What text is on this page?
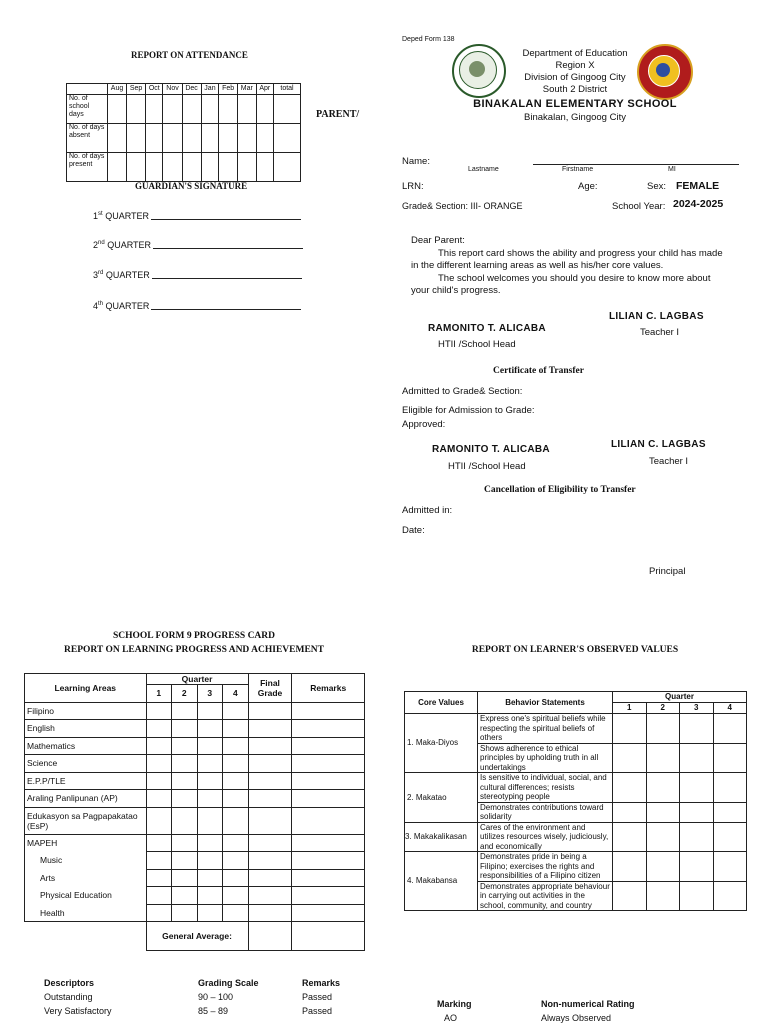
REPORT ON ATTENDANCE
	Aug	Sep	Oct	Nov	Dec	Jan	Feb	Mar	Apr	total
No. of school days										
No. of days absent										
No. of days present										
PARENT/
GUARDIAN'S SIGNATURE
1st QUARTER
2nd QUARTER
3rd QUARTER
4th QUARTER
Deped Form 138
Department of Education
Region X
Division of Gingoog City
South 2 District
BINAKALAN ELEMENTARY SCHOOL
Binakalan, Gingoog City
Name:
Lastname	Firstname	MI
LRN:	Age:	Sex: FEMALE
Grade& Section: III- ORANGE	School Year: 2024-2025
Dear Parent:
This report card shows the ability and progress your child has made
in the different learning areas as well as his/her core values.
The school welcomes you should you desire to know more about
your child's progress.
LILIAN C. LAGBAS
Teacher I
RAMONITO T. ALICABA
HTII /School Head
Certificate of Transfer
Admitted to Grade& Section:
Eligible for Admission to Grade:
Approved:
RAMONITO T. ALICABA
HTII /School Head
LILIAN C. LAGBAS
Teacher I
Cancellation of Eligibility to Transfer
Admitted in:
Date:
Principal
SCHOOL FORM 9 PROGRESS CARD
REPORT ON LEARNING PROGRESS AND ACHIEVEMENT
Learning Areas	Quarter				Final Grade	Remarks
	1	2	3	4		
Filipino						
English						
Mathematics						
Science						
E.P.P/TLE						
Araling Panlipunan (AP)						
Edukasyon sa Pagpapakatao (EsP)						
MAPEH						
Music						
Arts						
Physical Education						
Health						
	General Average:					
Descriptors	Grading Scale	Remarks
Outstanding	90 – 100	Passed
Very Satisfactory	85 – 89	Passed
REPORT ON LEARNER'S OBSERVED VALUES
Core Values	Behavior Statements	Quarter			
		1	2	3	4
1. Maka-Diyos	Express one's spiritual beliefs while respecting the spiritual beliefs of others				
	Shows adherence to ethical principles by upholding truth in all undertakings				
2. Makatao	Is sensitive to individual, social, and cultural differences; resists stereotyping people				
	Demonstrates contributions toward solidarity				
3. Makakalikasan	Cares of the environment and utilizes resources wisely, judiciously, and economically				
4. Makabansa	Demonstrates pride in being a Filipino; exercises the rights and responsibilities of a Filipino citizen				
	Demonstrates appropriate behaviour in carrying out activities in the school, community, and country				
Marking	Non-numerical Rating
AO	Always Observed
